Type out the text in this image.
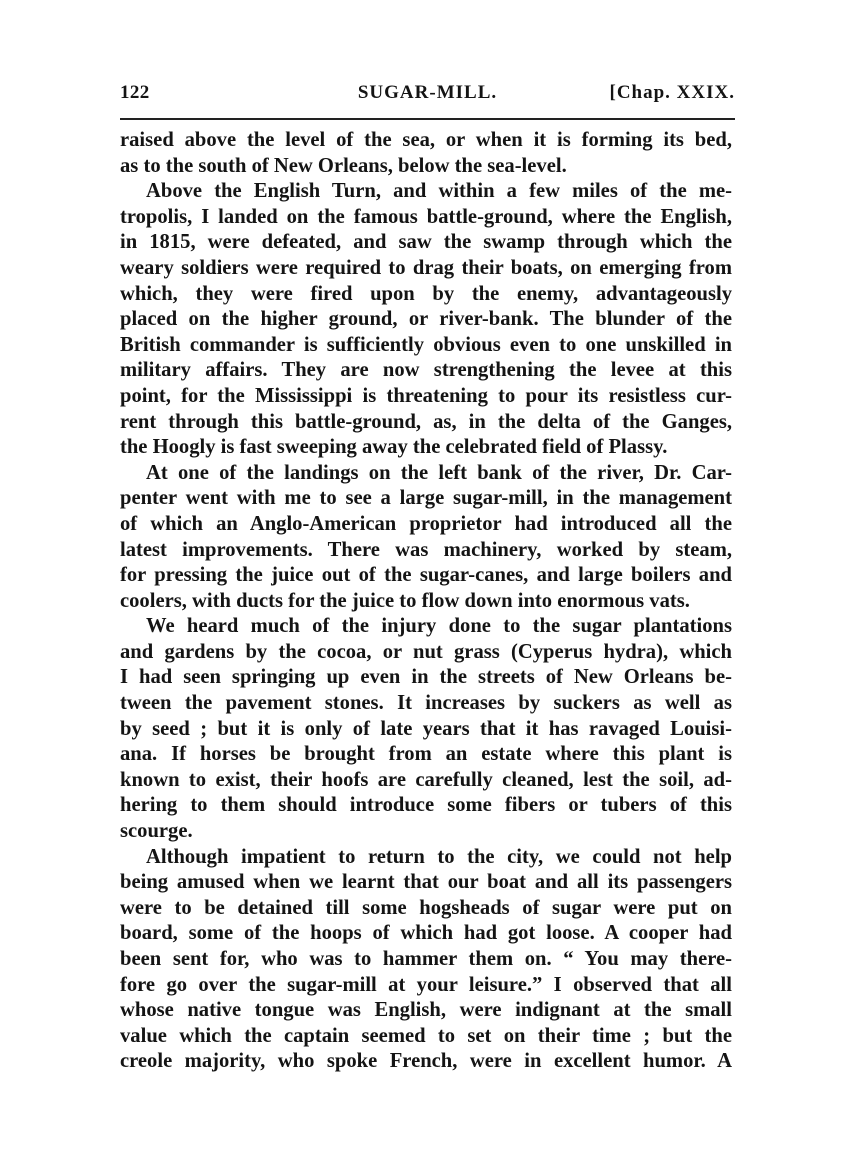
122	SUGAR-MILL.	[Chap. XXIX.
raised above the level of the sea, or when it is forming its bed,
as to the south of New Orleans, below the sea-level.
Above the English Turn, and within a few miles of the me-
tropolis, I landed on the famous battle-ground, where the English,
in 1815, were defeated, and saw the swamp through which the
weary soldiers were required to drag their boats, on emerging from
which, they were fired upon by the enemy, advantageously
placed on the higher ground, or river-bank. The blunder of the
British commander is sufficiently obvious even to one unskilled in
military affairs. They are now strengthening the levee at this
point, for the Mississippi is threatening to pour its resistless cur-
rent through this battle-ground, as, in the delta of the Ganges,
the Hoogly is fast sweeping away the celebrated field of Plassy.
At one of the landings on the left bank of the river, Dr. Car-
penter went with me to see a large sugar-mill, in the management
of which an Anglo-American proprietor had introduced all the
latest improvements. There was machinery, worked by steam,
for pressing the juice out of the sugar-canes, and large boilers and
coolers, with ducts for the juice to flow down into enormous vats.
We heard much of the injury done to the sugar plantations
and gardens by the cocoa, or nut grass (Cyperus hydra), which
I had seen springing up even in the streets of New Orleans be-
tween the pavement stones. It increases by suckers as well as
by seed ; but it is only of late years that it has ravaged Louisi-
ana. If horses be brought from an estate where this plant is
known to exist, their hoofs are carefully cleaned, lest the soil, ad-
hering to them should introduce some fibers or tubers of this
scourge.
Although impatient to return to the city, we could not help
being amused when we learnt that our boat and all its passengers
were to be detained till some hogsheads of sugar were put on
board, some of the hoops of which had got loose. A cooper had
been sent for, who was to hammer them on. “ You may there-
fore go over the sugar-mill at your leisure.” I observed that all
whose native tongue was English, were indignant at the small
value which the captain seemed to set on their time ; but the
creole majority, who spoke French, were in excellent humor. A
